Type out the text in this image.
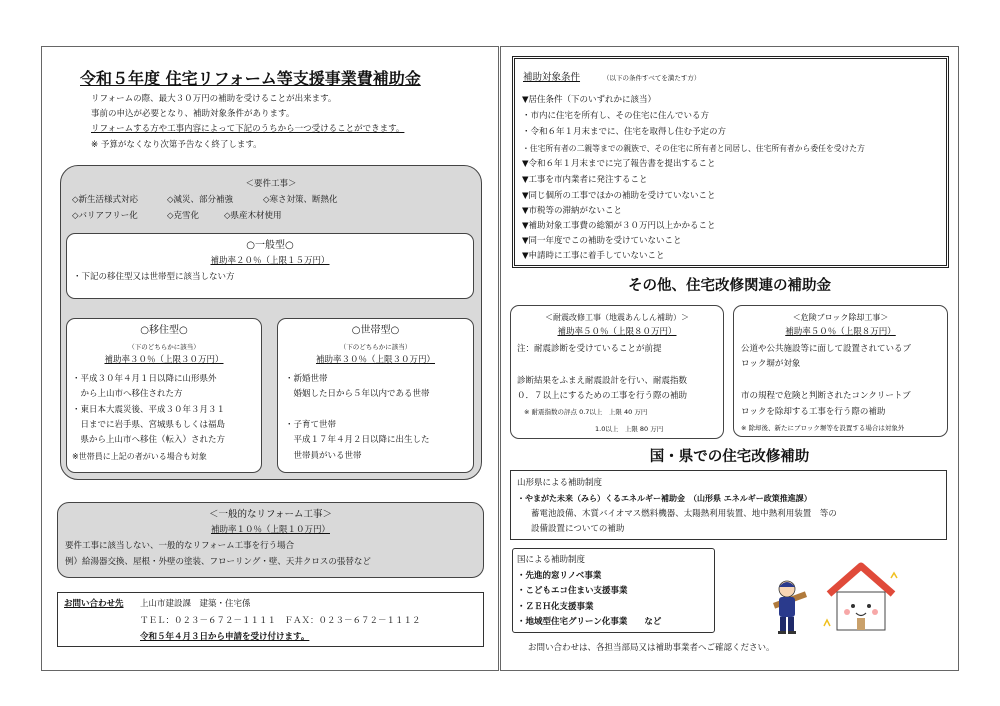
令和５年度 住宅リフォーム等支援事業費補助金
リフォームの際、最大３０万円の補助を受けることが出来ます。
事前の申込が必要となり、補助対象条件があります。
リフォームする方や工事内容によって下記のうちから一つ受けることができます。
※ 予算がなくなり次第予告なく終了します。
＜要件工事＞
◇新生活様式対応	◇減災、部分補強	◇寒さ対策、断熱化
◇バリアフリー化	◇克雪化	◇県産木材使用
○一般型○
補助率２０％（上限１５万円）
・下記の移住型又は世帯型に該当しない方
○移住型○
（下のどちらかに該当）
補助率３０％（上限３０万円）
・平成３０年４月１日以降に山形県外
　から上山市へ移住された方
・東日本大震災後、平成３０年３月３１
　日までに岩手県、宮城県もしくは福島
　県から上山市へ移住（転入）された方
※世帯員に上記の者がいる場合も対象
○世帯型○
（下のどちらかに該当）
補助率３０％（上限３０万円）
・新婚世帯
　婚姻した日から５年以内である世帯
・子育て世帯
　平成１７年４月２日以降に出生した
　世帯員がいる世帯
＜一般的なリフォーム工事＞
補助率１０％（上限１０万円）
要件工事に該当しない、一般的なリフォーム工事を行う場合
例）給湯器交換、屋根・外壁の塗装、フローリング・壁、天井クロスの張替など
お問い合わせ先 上山市建設課　建築・住宅係
ＴＥＬ：０２３－６７２－１１１１　ＦＡＸ：０２３－６７２－１１１２
令和５年４月３日から申請を受け付けます。
補助対象条件	（以下の条件すべてを満たす方）
▼居住条件（下のいずれかに該当）
・市内に住宅を所有し、その住宅に住んでいる方
・令和６年１月末までに、住宅を取得し住む予定の方
・住宅所有者の二親等までの親族で、その住宅に所有者と同居し、住宅所有者から委任を受けた方
▼令和６年１月末までに完了報告書を提出すること
▼工事を市内業者に発注すること
▼同じ個所の工事でほかの補助を受けていないこと
▼市税等の滞納がないこと
▼補助対象工事費の総額が３０万円以上かかること
▼同一年度でこの補助を受けていないこと
▼申請時に工事に着手していないこと
その他、住宅改修関連の補助金
＜耐震改修工事（地震あんしん補助）＞
補助率５０％（上限８０万円）
注：耐震診断を受けていることが前提
診断結果をふまえ耐震設計を行い、耐震指数
０．７以上にするための工事を行う際の補助
※ 耐震指数の評点 0.7以上　上限 40 万円
1.0以上　上限 80 万円
＜危険ブロック除却工事＞
補助率５０％（上限８万円）
公道や公共施設等に面して設置されているブ
ロック塀が対象
市の規程で危険と判断されたコンクリートブ
ロックを除却する工事を行う際の補助
※ 除却後、新たにブロック塀等を設置する場合は対象外
国・県での住宅改修補助
山形県による補助制度
・やまがた未来（みら）くるエネルギー補助金　（山形県 エネルギー政策推進課）
蓄電池設備、木質バイオマス燃料機器、太陽熱利用装置、地中熱利用装置　等の
設備設置についての補助
国による補助制度
・先進的窓リノベ事業
・こどもエコ住まい支援事業
・ＺＥＨ化支援事業
・地域型住宅グリーン化事業　　など
お問い合わせは、各担当部局又は補助事業者へご確認ください。
